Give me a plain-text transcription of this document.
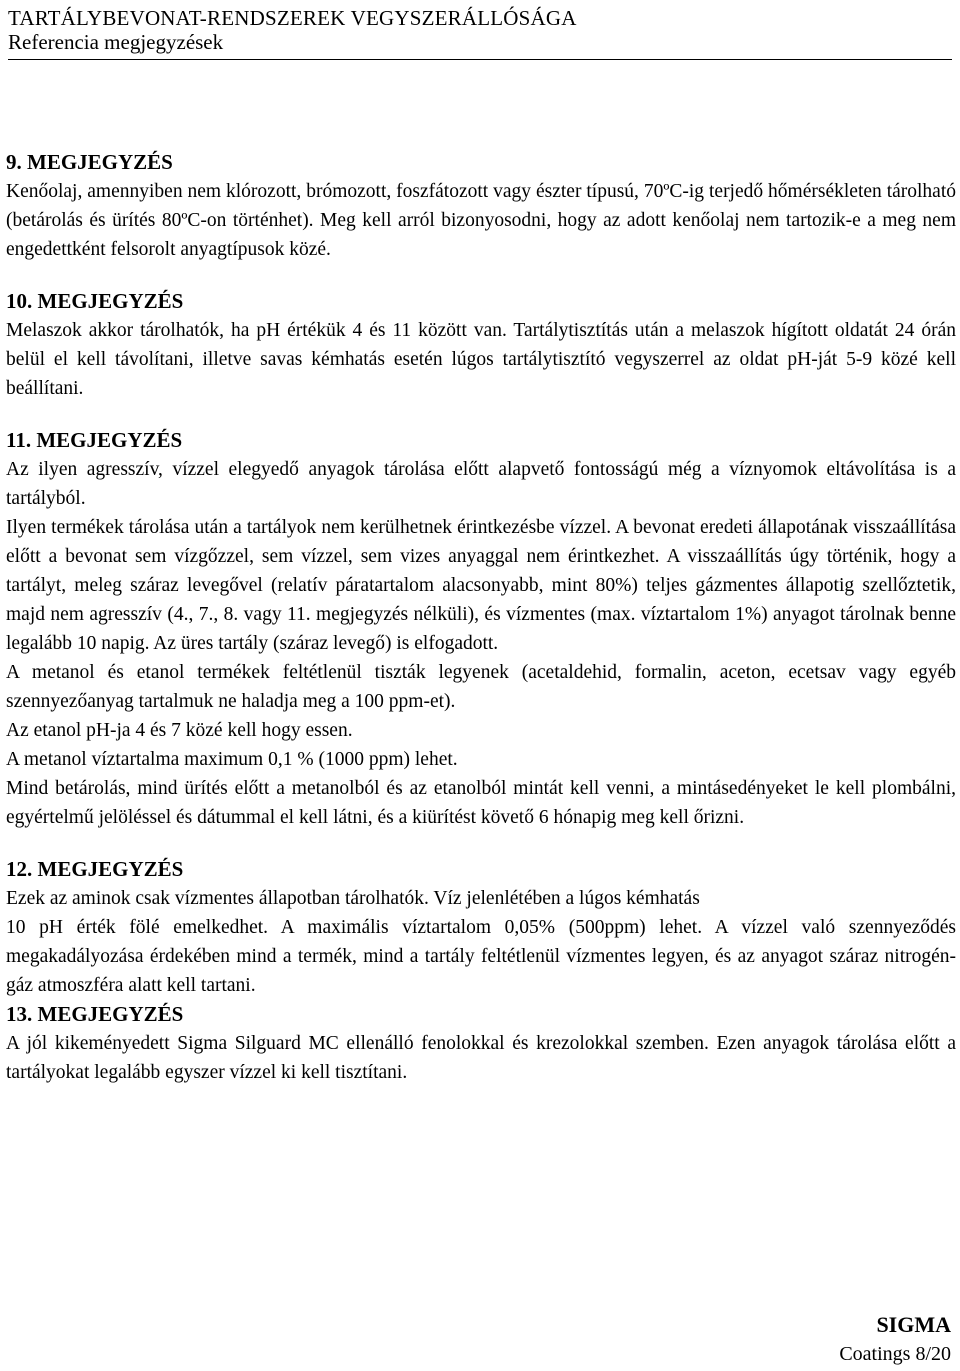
TARTÁLYBEVONAT-RENDSZEREK VEGYSZERÁLLÓSÁGA
Referencia megjegyzések
9. MEGJEGYZÉS

Kenőolaj, amennyiben nem klórozott, brómozott, foszfátozott vagy észter típusú, 70ºC-ig terjedő hőmérsékleten tárolható (betárolás és ürítés 80ºC-on történhet). Meg kell arról bizonyosodni, hogy az adott kenőolaj nem tartozik-e a meg nem engedettként felsorolt anyagtípusok közé.

10. MEGJEGYZÉS

Melaszok akkor tárolhatók, ha pH értékük 4 és 11 között van. Tartálytisztítás után a melaszok hígított oldatát 24 órán belül el kell távolítani, illetve savas kémhatás esetén lúgos tartálytisztító vegyszerrel az oldat pH-ját 5-9 közé kell beállítani.

11. MEGJEGYZÉS

Az ilyen agresszív, vízzel elegyedő anyagok tárolása előtt alapvető fontosságú még a víznyomok eltávolítása is a tartályból.

Ilyen termékek tárolása után a tartályok nem kerülhetnek érintkezésbe vízzel. A bevonat eredeti állapotának visszaállítása előtt a bevonat sem vízgőzzel, sem vízzel, sem vizes anyaggal nem érintkezhet. A visszaállítás úgy történik, hogy a tartályt, meleg száraz levegővel (relatív páratartalom alacsonyabb, mint 80%) teljes gázmentes állapotig szellőztetik, majd nem agresszív (4., 7., 8. vagy 11. megjegyzés nélküli), és vízmentes (max. víztartalom 1%) anyagot tárolnak benne legalább 10 napig. Az üres tartály (száraz levegő) is elfogadott.

A metanol és etanol termékek feltétlenül tiszták legyenek (acetaldehid, formalin, aceton, ecetsav vagy egyéb szennyezőanyag tartalmuk ne haladja meg a 100 ppm-et).

Az etanol pH-ja 4 és 7 közé kell hogy essen.

A metanol víztartalma maximum 0,1 % (1000 ppm) lehet.

Mind betárolás, mind ürítés előtt a metanolból és az etanolból mintát kell venni, a mintásedényeket le kell plombálni, egyértelmű jelöléssel és dátummal el kell látni, és a kiürítést követő 6 hónapig meg kell őrizni.

12. MEGJEGYZÉS

Ezek az aminok csak vízmentes állapotban tárolhatók. Víz jelenlétében a lúgos kémhatás

10 pH érték fölé emelkedhet. A maximális víztartalom 0,05% (500ppm) lehet. A vízzel való szennyeződés megakadályozása érdekében mind a termék, mind a tartály feltétlenül vízmentes legyen, és az anyagot száraz nitrogén-gáz atmoszféra alatt kell tartani.

13. MEGJEGYZÉS

A jól kikeményedett Sigma Silguard MC ellenálló fenolokkal és krezolokkal szemben. Ezen anyagok tárolása előtt a tartályokat legalább egyszer vízzel ki kell tisztítani.

SIGMA
Coatings 8/20
